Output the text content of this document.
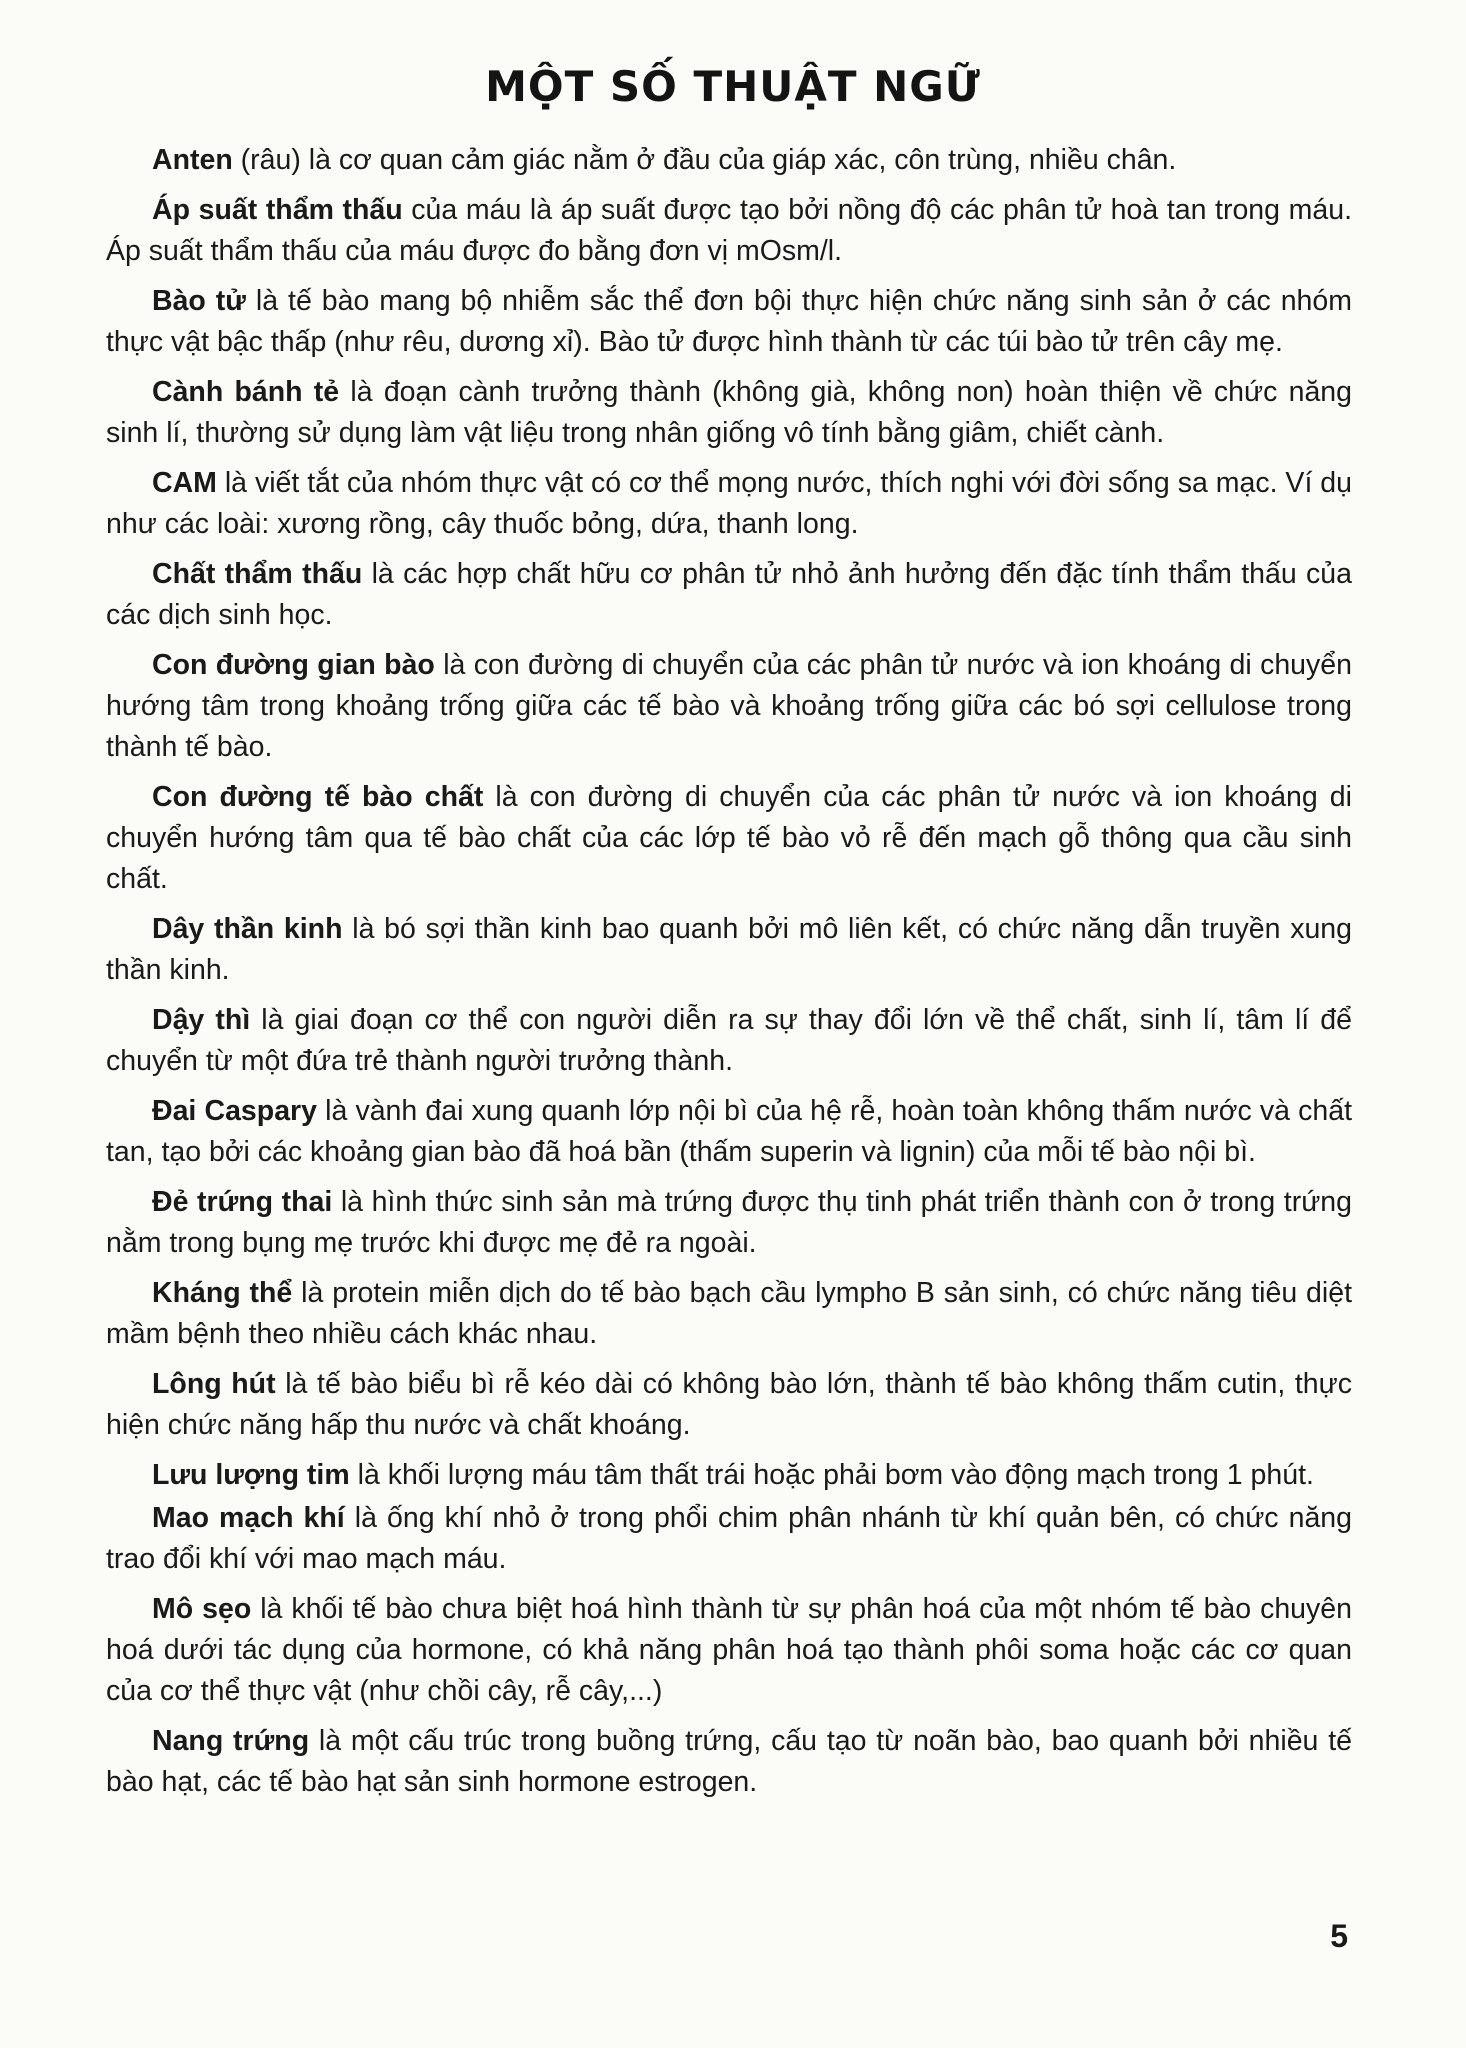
MỘT SỐ THUẬT NGỮ

Anten (râu) là cơ quan cảm giác nằm ở đầu của giáp xác, côn trùng, nhiều chân.

Áp suất thẩm thấu của máu là áp suất được tạo bởi nồng độ các phân tử hoà tan trong máu. Áp suất thẩm thấu của máu được đo bằng đơn vị mOsm/l.

Bào tử là tế bào mang bộ nhiễm sắc thể đơn bội thực hiện chức năng sinh sản ở các nhóm thực vật bậc thấp (như rêu, dương xỉ). Bào tử được hình thành từ các túi bào tử trên cây mẹ.

Cành bánh tẻ là đoạn cành trưởng thành (không già, không non) hoàn thiện về chức năng sinh lí, thường sử dụng làm vật liệu trong nhân giống vô tính bằng giâm, chiết cành.

CAM là viết tắt của nhóm thực vật có cơ thể mọng nước, thích nghi với đời sống sa mạc. Ví dụ như các loài: xương rồng, cây thuốc bỏng, dứa, thanh long.

Chất thẩm thấu là các hợp chất hữu cơ phân tử nhỏ ảnh hưởng đến đặc tính thẩm thấu của các dịch sinh học.

Con đường gian bào là con đường di chuyển của các phân tử nước và ion khoáng di chuyển hướng tâm trong khoảng trống giữa các tế bào và khoảng trống giữa các bó sợi cellulose trong thành tế bào.

Con đường tế bào chất là con đường di chuyển của các phân tử nước và ion khoáng di chuyển hướng tâm qua tế bào chất của các lớp tế bào vỏ rễ đến mạch gỗ thông qua cầu sinh chất.

Dây thần kinh là bó sợi thần kinh bao quanh bởi mô liên kết, có chức năng dẫn truyền xung thần kinh.

Dậy thì là giai đoạn cơ thể con người diễn ra sự thay đổi lớn về thể chất, sinh lí, tâm lí để chuyển từ một đứa trẻ thành người trưởng thành.

Đai Caspary là vành đai xung quanh lớp nội bì của hệ rễ, hoàn toàn không thấm nước và chất tan, tạo bởi các khoảng gian bào đã hoá bần (thấm superin và lignin) của mỗi tế bào nội bì.

Đẻ trứng thai là hình thức sinh sản mà trứng được thụ tinh phát triển thành con ở trong trứng nằm trong bụng mẹ trước khi được mẹ đẻ ra ngoài.

Kháng thể là protein miễn dịch do tế bào bạch cầu lympho B sản sinh, có chức năng tiêu diệt mầm bệnh theo nhiều cách khác nhau.

Lông hút là tế bào biểu bì rễ kéo dài có không bào lớn, thành tế bào không thấm cutin, thực hiện chức năng hấp thu nước và chất khoáng.

Lưu lượng tim là khối lượng máu tâm thất trái hoặc phải bơm vào động mạch trong 1 phút.

Mao mạch khí là ống khí nhỏ ở trong phổi chim phân nhánh từ khí quản bên, có chức năng trao đổi khí với mao mạch máu.

Mô sẹo là khối tế bào chưa biệt hoá hình thành từ sự phân hoá của một nhóm tế bào chuyên hoá dưới tác dụng của hormone, có khả năng phân hoá tạo thành phôi soma hoặc các cơ quan của cơ thể thực vật (như chồi cây, rễ cây,...)

Nang trứng là một cấu trúc trong buồng trứng, cấu tạo từ noãn bào, bao quanh bởi nhiều tế bào hạt, các tế bào hạt sản sinh hormone estrogen.

5
